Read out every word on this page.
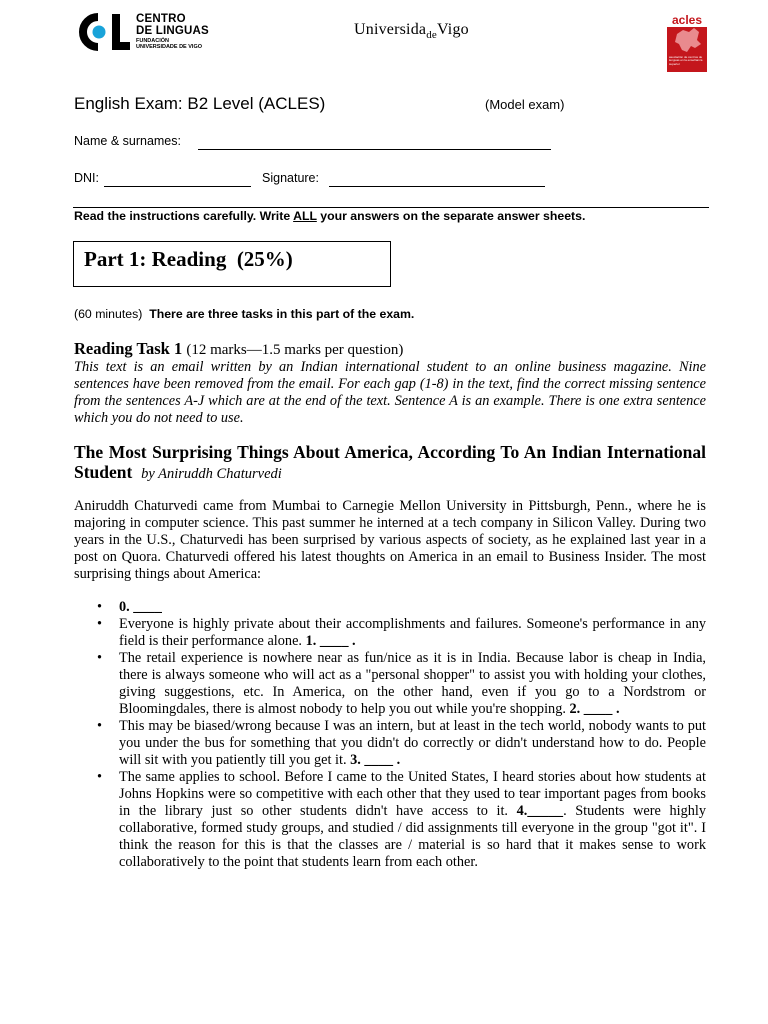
CENTRO
DE LINGUAS
FUNDACIÓN
UNIVERSIDADE DE VIGO
Universida$_{de}$Vigo
acles
asociación de centros de lenguas en la enseñanza superior
English Exam: B2 Level (ACLES)	(Model exam)
Name & surnames:
DNI:	Signature:
Read the instructions carefully. Write ALL your answers on the separate answer sheets.
Part 1: Reading  (25%)
(60 minutes) There are three tasks in this part of the exam.
Reading Task 1 (12 marks—1.5 marks per question)
This text is an email written by an Indian international student to an online business magazine. Nine sentences have been removed from the email. For each gap (1-8) in the text, find the correct missing sentence from the sentences A-J which are at the end of the text. Sentence A is an example. There is one extra sentence which you do not need to use.
The Most Surprising Things About America, According To An Indian International Student by Aniruddh Chaturvedi
Aniruddh Chaturvedi came from Mumbai to Carnegie Mellon University in Pittsburgh, Penn., where he is majoring in computer science. This past summer he interned at a tech company in Silicon Valley. During two years in the U.S., Chaturvedi has been surprised by various aspects of society, as he explained last year in a post on Quora. Chaturvedi offered his latest thoughts on America in an email to Business Insider. The most surprising things about America:
• 0. ____
• Everyone is highly private about their accomplishments and failures. Someone's performance in any field is their performance alone. 1. ____ .
• The retail experience is nowhere near as fun/nice as it is in India. Because labor is cheap in India, there is always someone who will act as a "personal shopper" to assist you with holding your clothes, giving suggestions, etc. In America, on the other hand, even if you go to a Nordstrom or Bloomingdales, there is almost nobody to help you out while you're shopping. 2. ____ .
• This may be biased/wrong because I was an intern, but at least in the tech world, nobody wants to put you under the bus for something that you didn't do correctly or didn't understand how to do. People will sit with you patiently till you get it. 3. ____ .
• The same applies to school. Before I came to the United States, I heard stories about how students at Johns Hopkins were so competitive with each other that they used to tear important pages from books in the library just so other students didn't have access to it. 4._____. Students were highly collaborative, formed study groups, and studied / did assignments till everyone in the group "got it". I think the reason for this is that the classes are / material is so hard that it makes sense to work collaboratively to the point that students learn from each other.
